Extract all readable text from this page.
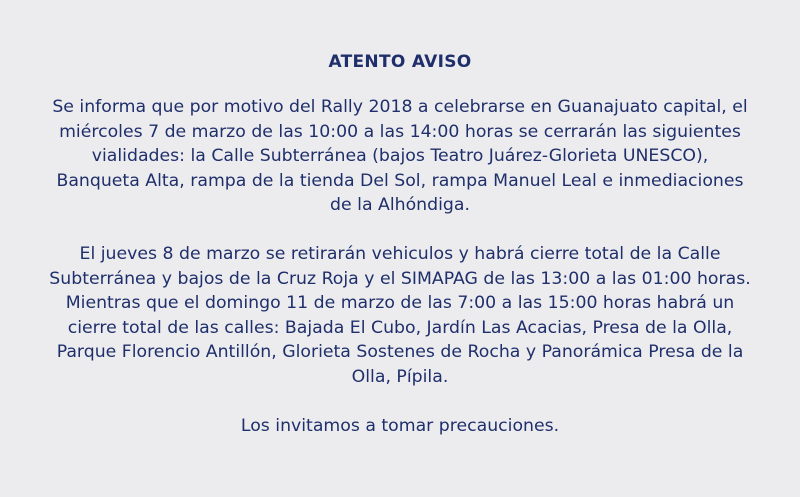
ATENTO AVISO
Se informa que por motivo del Rally 2018 a celebrarse en Guanajuato capital, el
miércoles 7 de marzo de las 10:00 a las 14:00 horas se cerrarán las siguientes
vialidades: la Calle Subterránea (bajos Teatro Juárez-Glorieta UNESCO),
Banqueta Alta, rampa de la tienda Del Sol, rampa Manuel Leal e inmediaciones
de la Alhóndiga.
El jueves 8 de marzo se retirarán vehiculos y habrá cierre total de la Calle
Subterránea y bajos de la Cruz Roja y el SIMAPAG de las 13:00 a las 01:00 horas.
Mientras que el domingo 11 de marzo de las 7:00 a las 15:00 horas habrá un
cierre total de las calles: Bajada El Cubo, Jardín Las Acacias, Presa de la Olla,
Parque Florencio Antillón, Glorieta Sostenes de Rocha y Panorámica Presa de la
Olla, Pípila.
Los invitamos a tomar precauciones.
